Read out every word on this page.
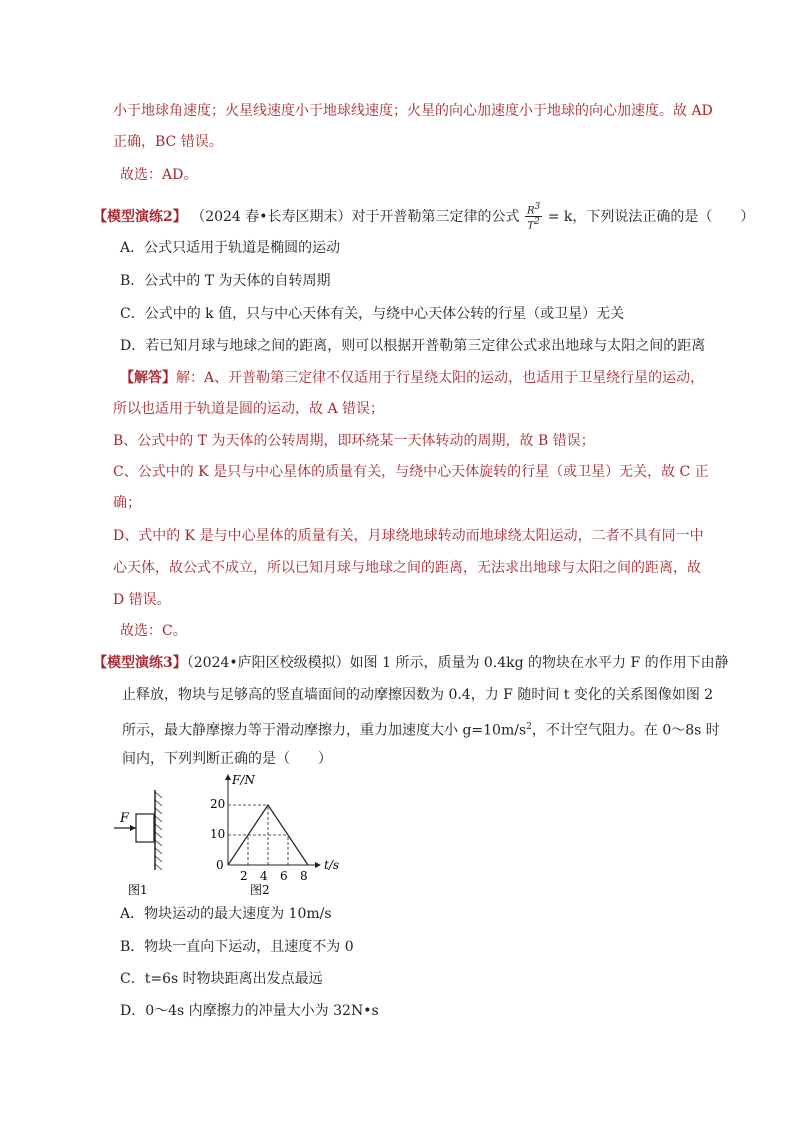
小于地球角速度；火星线速度小于地球线速度；火星的向心加速度小于地球的向心加速度。故 AD
正确，BC 错误。
故选：AD。
【模型演练2】 （2024 春•长寿区期末）对于开普勒第三定律的公式 $\frac{R^3}{T^2} = k$，下列说法正确的是（　　）
A．公式只适用于轨道是椭圆的运动
B．公式中的 T 为天体的自转周期
C．公式中的 k 值，只与中心天体有关，与绕中心天体公转的行星（或卫星）无关
D．若已知月球与地球之间的距离，则可以根据开普勒第三定律公式求出地球与太阳之间的距离
【解答】解：A、开普勒第三定律不仅适用于行星绕太阳的运动，也适用于卫星绕行星的运动，
所以也适用于轨道是圆的运动，故 A 错误；
B、公式中的 T 为天体的公转周期，即环绕某一天体转动的周期，故 B 错误；
C、公式中的 K 是只与中心星体的质量有关，与绕中心天体旋转的行星（或卫星）无关，故 C 正
确；
D、式中的 K 是与中心星体的质量有关，月球绕地球转动而地球绕太阳运动，二者不具有同一中
心天体，故公式不成立，所以已知月球与地球之间的距离，无法求出地球与太阳之间的距离，故
D 错误。
故选：C。
【模型演练3】（2024•庐阳区校级模拟）如图 1 所示，质量为 0.4kg 的物块在水平力 F 的作用下由静
止释放，物块与足够高的竖直墙面间的动摩擦因数为 0.4，力 F 随时间 t 变化的关系图像如图 2
所示，最大静摩擦力等于滑动摩擦力，重力加速度大小 $g=10m/s^2$，不计空气阻力。在 0～8s 时
间内，下列判断正确的是（　　）
F
图1
F/N
t/s
20
10
0
2 4 6 8
图2
A．物块运动的最大速度为 10m/s
B．物块一直向下运动，且速度不为 0
C．t=6s 时物块距离出发点最远
D．0～4s 内摩擦力的冲量大小为 32N•s
